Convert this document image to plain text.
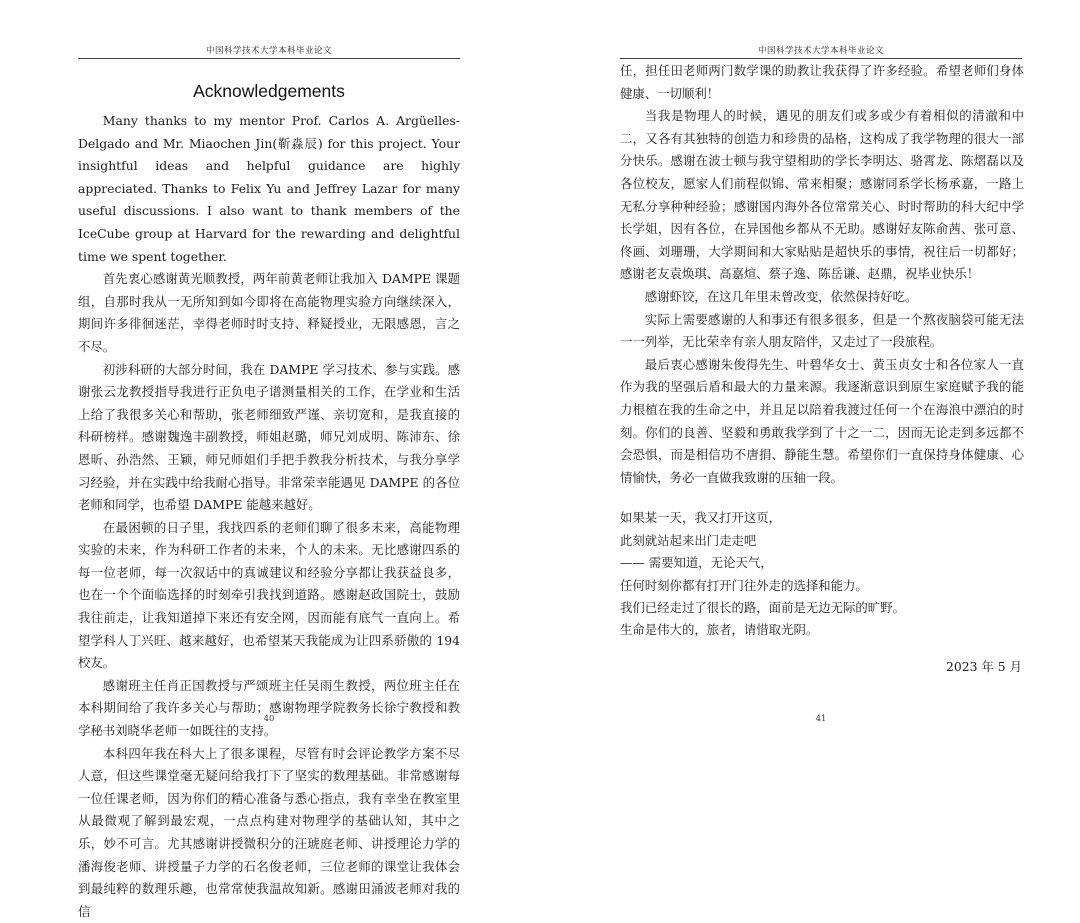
中国科学技术大学本科毕业论文
Acknowledgements

Many thanks to my mentor Prof. Carlos A. Argüelles-Delgado and Mr. Miaochen Jin(靳淼辰) for this project. Your insightful ideas and helpful guidance are highly appreciated. Thanks to Felix Yu and Jeffrey Lazar for many useful discussions. I also want to thank members of the IceCube group at Harvard for the rewarding and delightful time we spent together.

首先衷心感谢黄光顺教授，两年前黄老师让我加入 DAMPE 课题组，自那时我从一无所知到如今即将在高能物理实验方向继续深入，期间许多徘徊迷茫，幸得老师时时支持、释疑授业，无限感恩，言之不尽。

初涉科研的大部分时间，我在 DAMPE 学习技术、参与实践。感谢张云龙教授指导我进行正负电子谱测量相关的工作，在学业和生活上给了我很多关心和帮助，张老师细致严谨、亲切宽和，是我直接的科研榜样。感谢魏逸丰副教授，师姐赵璐，师兄刘成明、陈沛东、徐恩昕、孙浩然、王颖，师兄师姐们手把手教我分析技术，与我分享学习经验，并在实践中给我耐心指导。非常荣幸能遇见 DAMPE 的各位老师和同学，也希望 DAMPE 能越来越好。

在最困顿的日子里，我找四系的老师们聊了很多未来，高能物理实验的未来，作为科研工作者的未来，个人的未来。无比感谢四系的每一位老师，每一次叙话中的真诚建议和经验分享都让我获益良多，也在一个个面临选择的时刻牵引我找到道路。感谢赵政国院士，鼓励我往前走，让我知道掉下来还有安全网，因而能有底气一直向上。希望学科人丁兴旺、越来越好，也希望某天我能成为让四系骄傲的 194 校友。

感谢班主任肖正国教授与严颂班主任吴雨生教授，两位班主任在本科期间给了我许多关心与帮助；感谢物理学院教务长徐宁教授和教学秘书刘晓华老师一如既往的支持。

本科四年我在科大上了很多课程，尽管有时会评论教学方案不尽人意，但这些课堂毫无疑问给我打下了坚实的数理基础。非常感谢每一位任课老师，因为你们的精心准备与悉心指点，我有幸坐在教室里从最微观了解到最宏观，一点点构建对物理学的基础认知，其中之乐，妙不可言。尤其感谢讲授微积分的汪琥庭老师、讲授理论力学的潘海俊老师、讲授量子力学的石名俊老师，三位老师的课堂让我体会到最纯粹的数理乐趣，也常常使我温故知新。感谢田涌波老师对我的信

40
中国科学技术大学本科毕业论文

任，担任田老师两门数学课的助教让我获得了许多经验。希望老师们身体健康、一切顺利！

当我是物理人的时候，遇见的朋友们或多或少有着相似的清澈和中二，又各有其独特的创造力和珍贵的品格，这构成了我学物理的很大一部分快乐。感谢在波士顿与我守望相助的学长李明达、骆霄龙、陈熠磊以及各位校友，愿家人们前程似锦、常来相聚；感谢同系学长杨承嘉，一路上无私分享种种经验；感谢国内海外各位常常关心、时时帮助的科大纪中学长学姐，因有各位，在异国他乡都从不无助。感谢好友陈俞茜、张可意、佟画、刘珊珊，大学期间和大家贴贴是超快乐的事情，祝往后一切都好；感谢老友袁焕琪、高嘉煊、蔡子逸、陈岳谦、赵鼎，祝毕业快乐！

感谢虾饺，在这几年里未曾改变，依然保持好吃。

实际上需要感谢的人和事还有很多很多，但是一个熬夜脑袋可能无法一一列举，无比荣幸有亲人朋友陪伴，又走过了一段旅程。

最后衷心感谢朱俊得先生、叶碧华女士、黄玉贞女士和各位家人一直作为我的坚强后盾和最大的力量来源。我逐渐意识到原生家庭赋予我的能力根植在我的生命之中，并且足以陪着我渡过任何一个在海浪中漂泊的时刻。你们的良善、坚毅和勇敢我学到了十之一二，因而无论走到多远都不会恐惧，而是相信功不唐捐、静能生慧。希望你们一直保持身体健康、心情愉快，务必一直做我致谢的压轴一段。

如果某一天，我又打开这页，
此刻就站起来出门走走吧
—— 需要知道，无论天气，
任何时刻你都有打开门往外走的选择和能力。
我们已经走过了很长的路，面前是无边无际的旷野。
生命是伟大的，旅者，请惜取光阴。
2023 年 5 月
41
